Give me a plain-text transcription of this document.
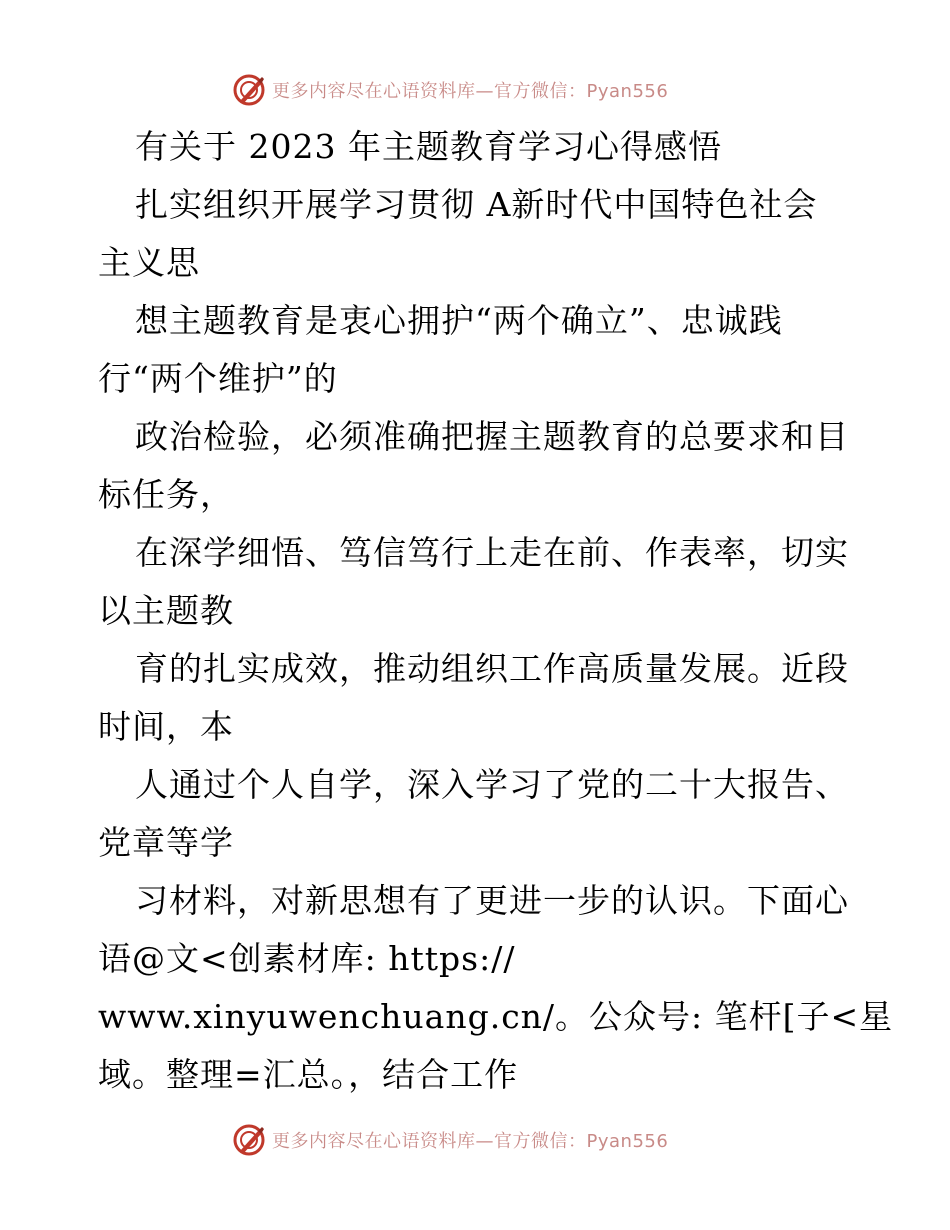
更多内容尽在心语资料库—官方微信：Pyan556
有关于 2023 年主题教育学习心得感悟
扎实组织开展学习贯彻 A新时代中国特色社会
主义思
想主题教育是衷心拥护“两个确立”、忠诚践
行“两个维护”的
政治检验，必须准确把握主题教育的总要求和目
标任务，
在深学细悟、笃信笃行上走在前、作表率，切实
以主题教
育的扎实成效，推动组织工作高质量发展。近段
时间，本
人通过个人自学，深入学习了党的二十大报告、
党章等学
习材料，对新思想有了更进一步的认识。下面心
语@文<创素材库: https://
www.xinyuwenchuang.cn/。公众号: 笔杆[子<星
域。整理=汇总。，结合工作
更多内容尽在心语资料库—官方微信：Pyan556
